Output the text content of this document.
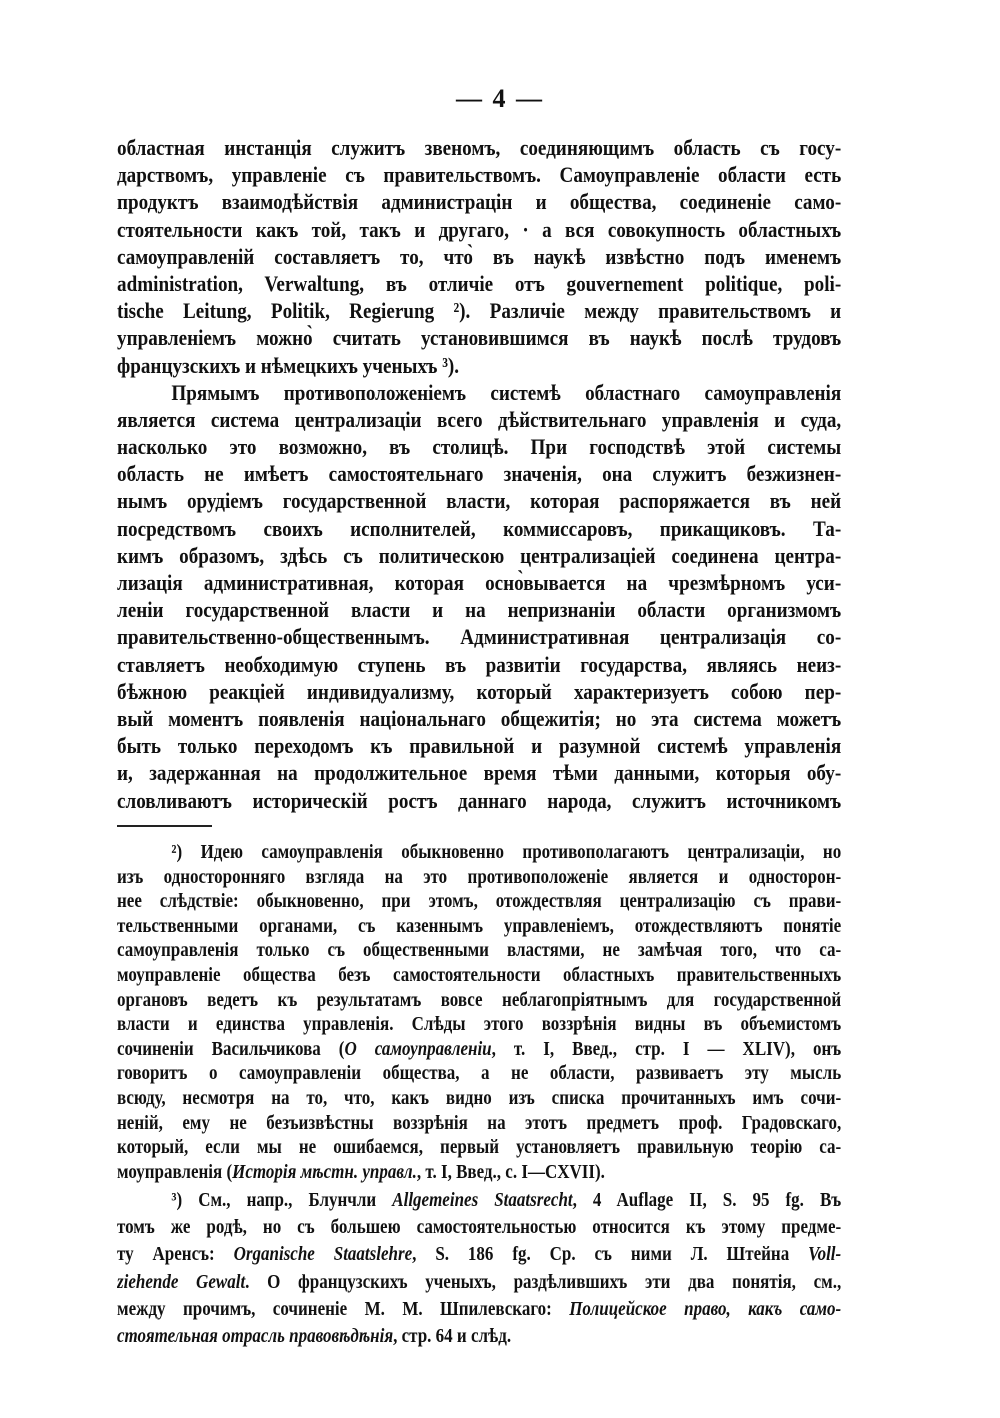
— 4 —
областная инстанція служитъ звеномъ, соединяющимъ область съ госу-
дарствомъ, управленіе съ правительствомъ. Самоуправленіе области есть
продуктъ взаимодѣйствія администрацін и общества, соединеніе само-
стоятельности какъ той, такъ и другаго, · а вся совокупность областныхъ
самоуправленій составляетъ то, что̀ въ наукѣ извѣстно подъ именемъ
administration, Verwaltung, въ отличіе отъ gouvernement politique, poli-
tische Leitung, Politik, Regierung ²). Различіе между правительствомъ и
управленіемъ можно̀ считать установившимся въ наукѣ послѣ трудовъ
французскихъ и нѣмецкихъ ученыхъ ³).
Прямымъ противоположеніемъ системѣ областнаго самоуправленія
является система централизаціи всего дѣйствительнаго управленія и суда,
насколько это возможно, въ столицѣ. При господствѣ этой системы
область не имѣетъ самостоятельнаго значенія, она служитъ безжизнен-
нымъ орудіемъ государственной власти, которая распоряжается въ ней
посредствомъ своихъ исполнителей, коммиссаровъ, прикащиковъ. Та-
кимъ образомъ, здѣсь съ политическою централизаціей соединена центра-
лизація административная, которая осно̀вывается на чрезмѣрномъ уси-
леніи государственной власти и на непризнаніи области организмомъ
правительственно-общественнымъ. Административная централизація со-
ставляетъ необходимую ступень въ развитіи государства, являясь неиз-
бѣжною реакціей индивидуализму, который характеризуетъ собою пер-
вый моментъ появленія національнаго общежитія; но эта система можетъ
быть только переходомъ къ правильной и разумной системѣ управленія
и, задержанная на продолжительное время тѣми данными, которыя обу-
словливаютъ историческій ростъ даннаго народа, служитъ источникомъ
²) Идею самоуправленія обыкновенно противополагаютъ централизаціи, но
изъ односторонняго взгляда на это противоположеніе является и односторон-
нее слѣдствіе: обыкновенно, при этомъ, отождествляя централизацію съ прави-
тельственными органами, съ казеннымъ управленіемъ, отождествляютъ понятіе
самоуправленія только съ общественными властями, не замѣчая того, что са-
моуправленіе общества безъ самостоятельности областныхъ правительственныхъ
органовъ ведетъ къ результатамъ вовсе неблагопріятнымъ для государственной
власти и единства управленія. Слѣды этого воззрѣнія видны въ объемистомъ
сочиненіи Васильчикова (О самоуправленіи, т. I, Введ., стр. I — XLIV), онъ
говоритъ о самоуправленіи общества, а не области, развиваетъ эту мысль
всюду, несмотря на то, что, какъ видно изъ списка прочитанныхъ имъ сочи-
неній, ему не безъизвѣстны воззрѣнія на этотъ предметъ проф. Градовскаго,
который, если мы не ошибаемся, первый установляетъ правильную теорію са-
моуправленія (Исторія мѣстн. управл., т. I, Введ., с. I—CXVII).
³) См., напр., Блунчли Allgemeines Staatsrecht, 4 Auflage II, S. 95 fg. Въ
томъ же родѣ, но съ большею самостоятельностью относится къ этому предме-
ту Аренсъ: Organische Staatslehre, S. 186 fg. Ср. съ ними Л. Штейна Voll-
ziehende Gewalt. О французскихъ ученыхъ, раздѣлившихъ эти два понятія, см.,
между прочимъ, сочиненіе М. М. Шпилевскаго: Полицейское право, какъ само-
стоятельная отрасль правовѣдѣнія, стр. 64 и слѣд.
